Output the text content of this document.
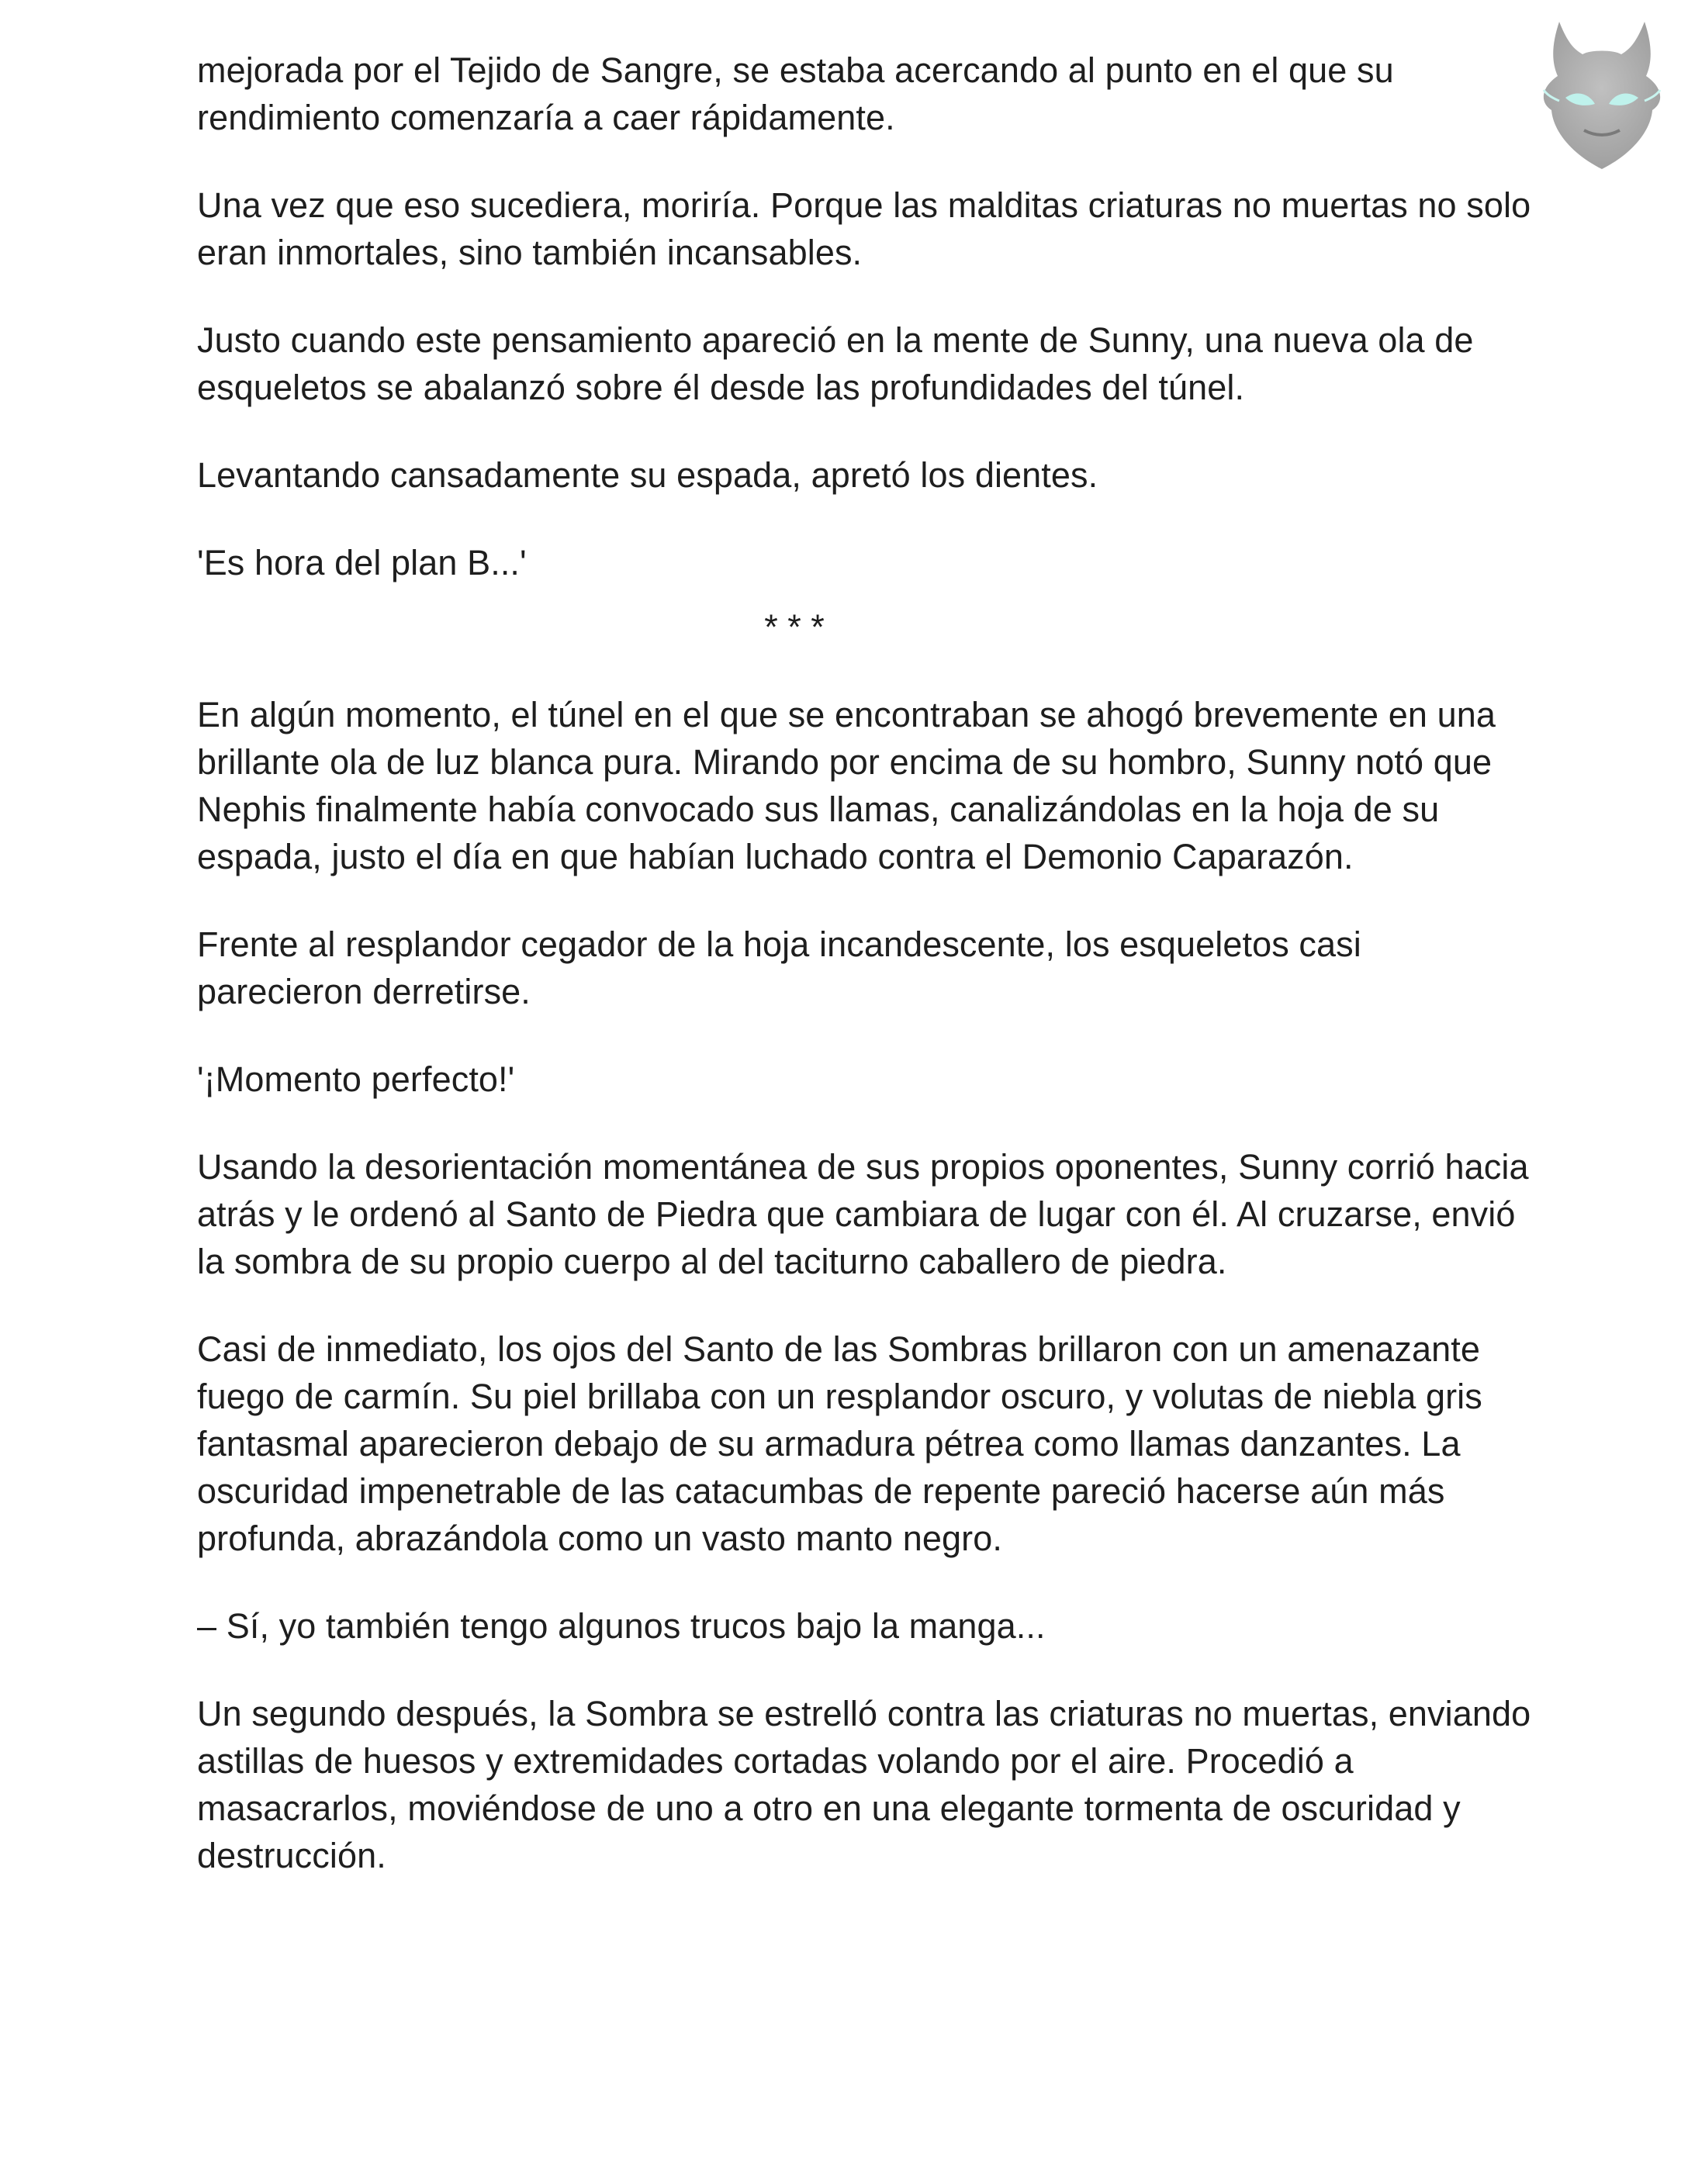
mejorada por el Tejido de Sangre, se estaba acercando al punto en el que su rendimiento comenzaría a caer rápidamente.

Una vez que eso sucediera, moriría. Porque las malditas criaturas no muertas no solo eran inmortales, sino también incansables.

Justo cuando este pensamiento apareció en la mente de Sunny, una nueva ola de esqueletos se abalanzó sobre él desde las profundidades del túnel.

Levantando cansadamente su espada, apretó los dientes.

'Es hora del plan B...'

* * *

En algún momento, el túnel en el que se encontraban se ahogó brevemente en una brillante ola de luz blanca pura. Mirando por encima de su hombro, Sunny notó que Nephis finalmente había convocado sus llamas, canalizándolas en la hoja de su espada, justo el día en que habían luchado contra el Demonio Caparazón.

Frente al resplandor cegador de la hoja incandescente, los esqueletos casi parecieron derretirse.

'¡Momento perfecto!'

Usando la desorientación momentánea de sus propios oponentes, Sunny corrió hacia atrás y le ordenó al Santo de Piedra que cambiara de lugar con él. Al cruzarse, envió la sombra de su propio cuerpo al del taciturno caballero de piedra.

Casi de inmediato, los ojos del Santo de las Sombras brillaron con un amenazante fuego de carmín. Su piel brillaba con un resplandor oscuro, y volutas de niebla gris fantasmal aparecieron debajo de su armadura pétrea como llamas danzantes. La oscuridad impenetrable de las catacumbas de repente pareció hacerse aún más profunda, abrazándola como un vasto manto negro.

– Sí, yo también tengo algunos trucos bajo la manga...

Un segundo después, la Sombra se estrelló contra las criaturas no muertas, enviando astillas de huesos y extremidades cortadas volando por el aire. Procedió a masacrarlos, moviéndose de uno a otro en una elegante tormenta de oscuridad y destrucción.
